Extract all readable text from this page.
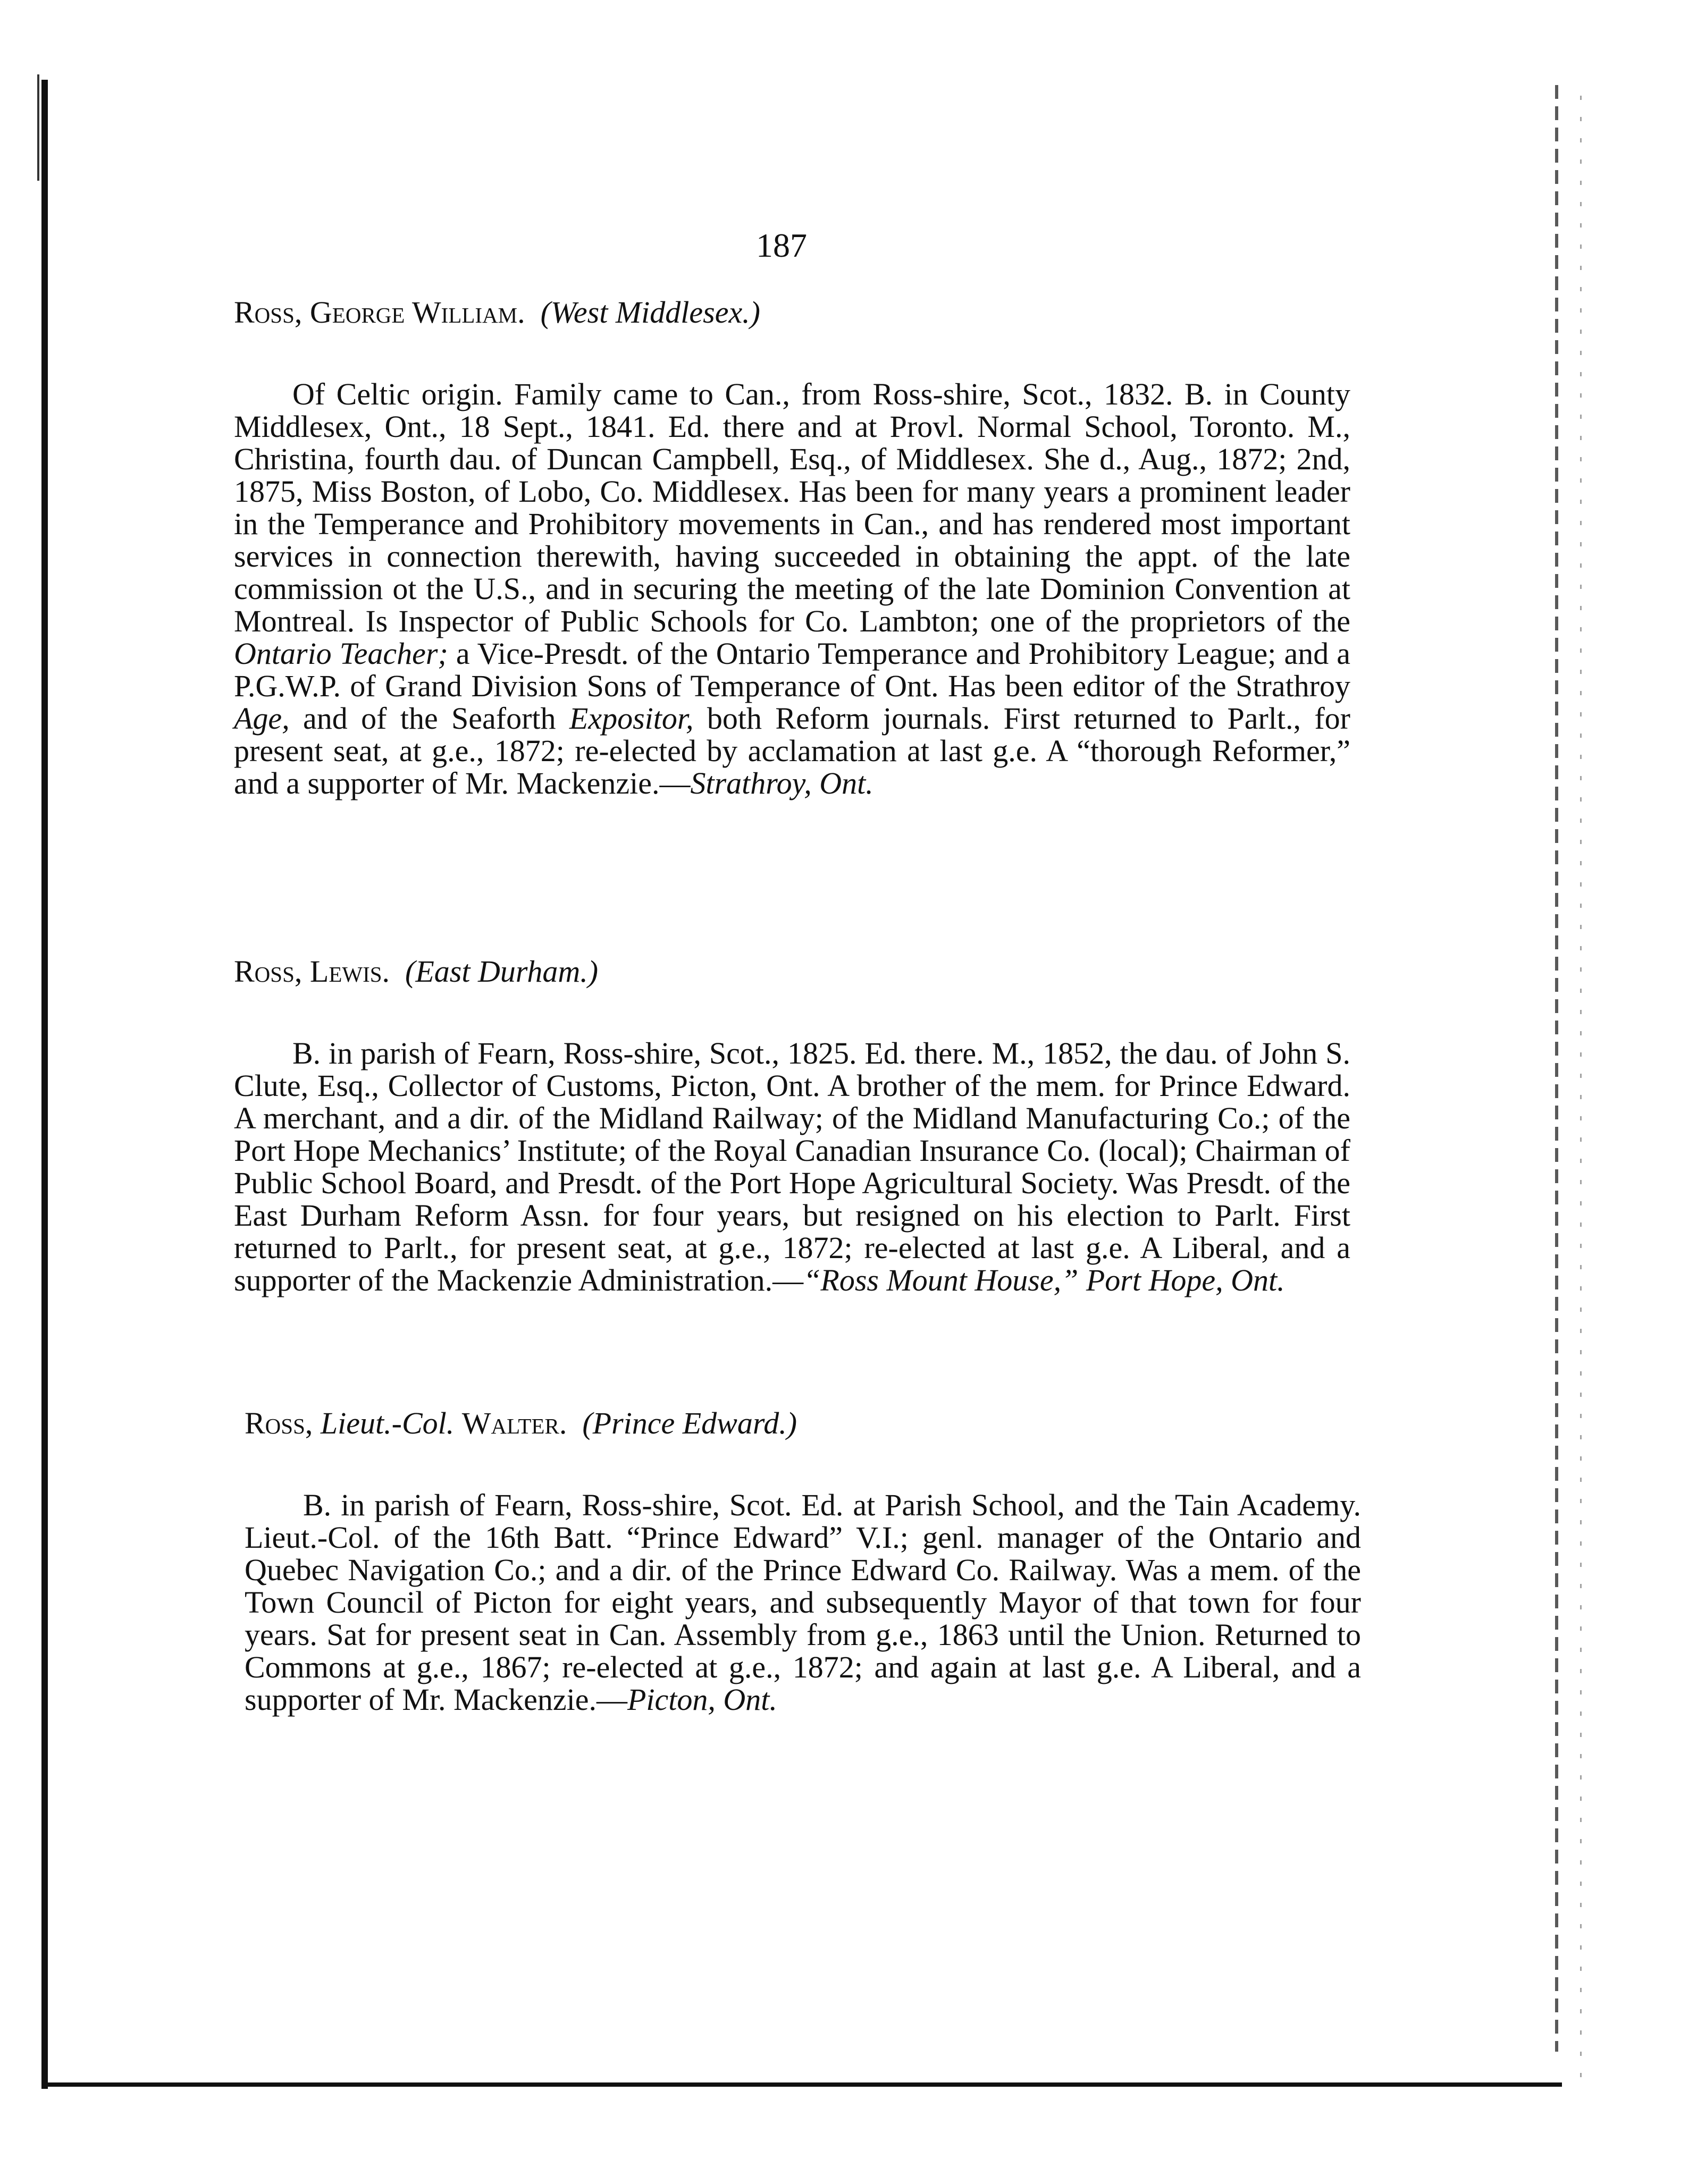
187

Ross, George William. (West Middlesex.)

Of Celtic origin. Family came to Can., from Ross-shire, Scot., 1832. B. in County Middlesex, Ont., 18 Sept., 1841. Ed. there and at Provl. Normal School, Toronto. M., Christina, fourth dau. of Duncan Campbell, Esq., of Middlesex. She d., Aug., 1872; 2nd, 1875, Miss Boston, of Lobo, Co. Middlesex. Has been for many years a prominent leader in the Temperance and Prohibitory movements in Can., and has rendered most important services in connection therewith, having succeeded in obtaining the appt. of the late commission ot the U.S., and in securing the meeting of the late Dominion Convention at Montreal. Is Inspector of Public Schools for Co. Lambton; one of the proprietors of the Ontario Teacher; a Vice-Presdt. of the Ontario Temperance and Prohibitory League; and a P.G.W.P. of Grand Division Sons of Temperance of Ont. Has been editor of the Strathroy Age, and of the Seaforth Expositor, both Reform journals. First returned to Parlt., for present seat, at g.e., 1872; re-elected by acclamation at last g.e. A “thorough Reformer,” and a supporter of Mr. Mackenzie.—Strathroy, Ont.

Ross, Lewis. (East Durham.)

B. in parish of Fearn, Ross-shire, Scot., 1825. Ed. there. M., 1852, the dau. of John S. Clute, Esq., Collector of Customs, Picton, Ont. A brother of the mem. for Prince Edward. A merchant, and a dir. of the Midland Railway; of the Midland Manufacturing Co.; of the Port Hope Mechanics’ Institute; of the Royal Canadian Insurance Co. (local); Chairman of Public School Board, and Presdt. of the Port Hope Agricultural Society. Was Presdt. of the East Durham Reform Assn. for four years, but resigned on his election to Parlt. First returned to Parlt., for present seat, at g.e., 1872; re-elected at last g.e. A Liberal, and a supporter of the Mackenzie Administration.—“Ross Mount House,” Port Hope, Ont.

Ross, Lieut.-Col. Walter. (Prince Edward.)

B. in parish of Fearn, Ross-shire, Scot. Ed. at Parish School, and the Tain Academy. Lieut.-Col. of the 16th Batt. “Prince Edward” V.I.; genl. manager of the Ontario and Quebec Navigation Co.; and a dir. of the Prince Edward Co. Railway. Was a mem. of the Town Council of Picton for eight years, and subsequently Mayor of that town for four years. Sat for present seat in Can. Assembly from g.e., 1863 until the Union. Returned to Commons at g.e., 1867; re-elected at g.e., 1872; and again at last g.e. A Liberal, and a supporter of Mr. Mackenzie.—Picton, Ont.
